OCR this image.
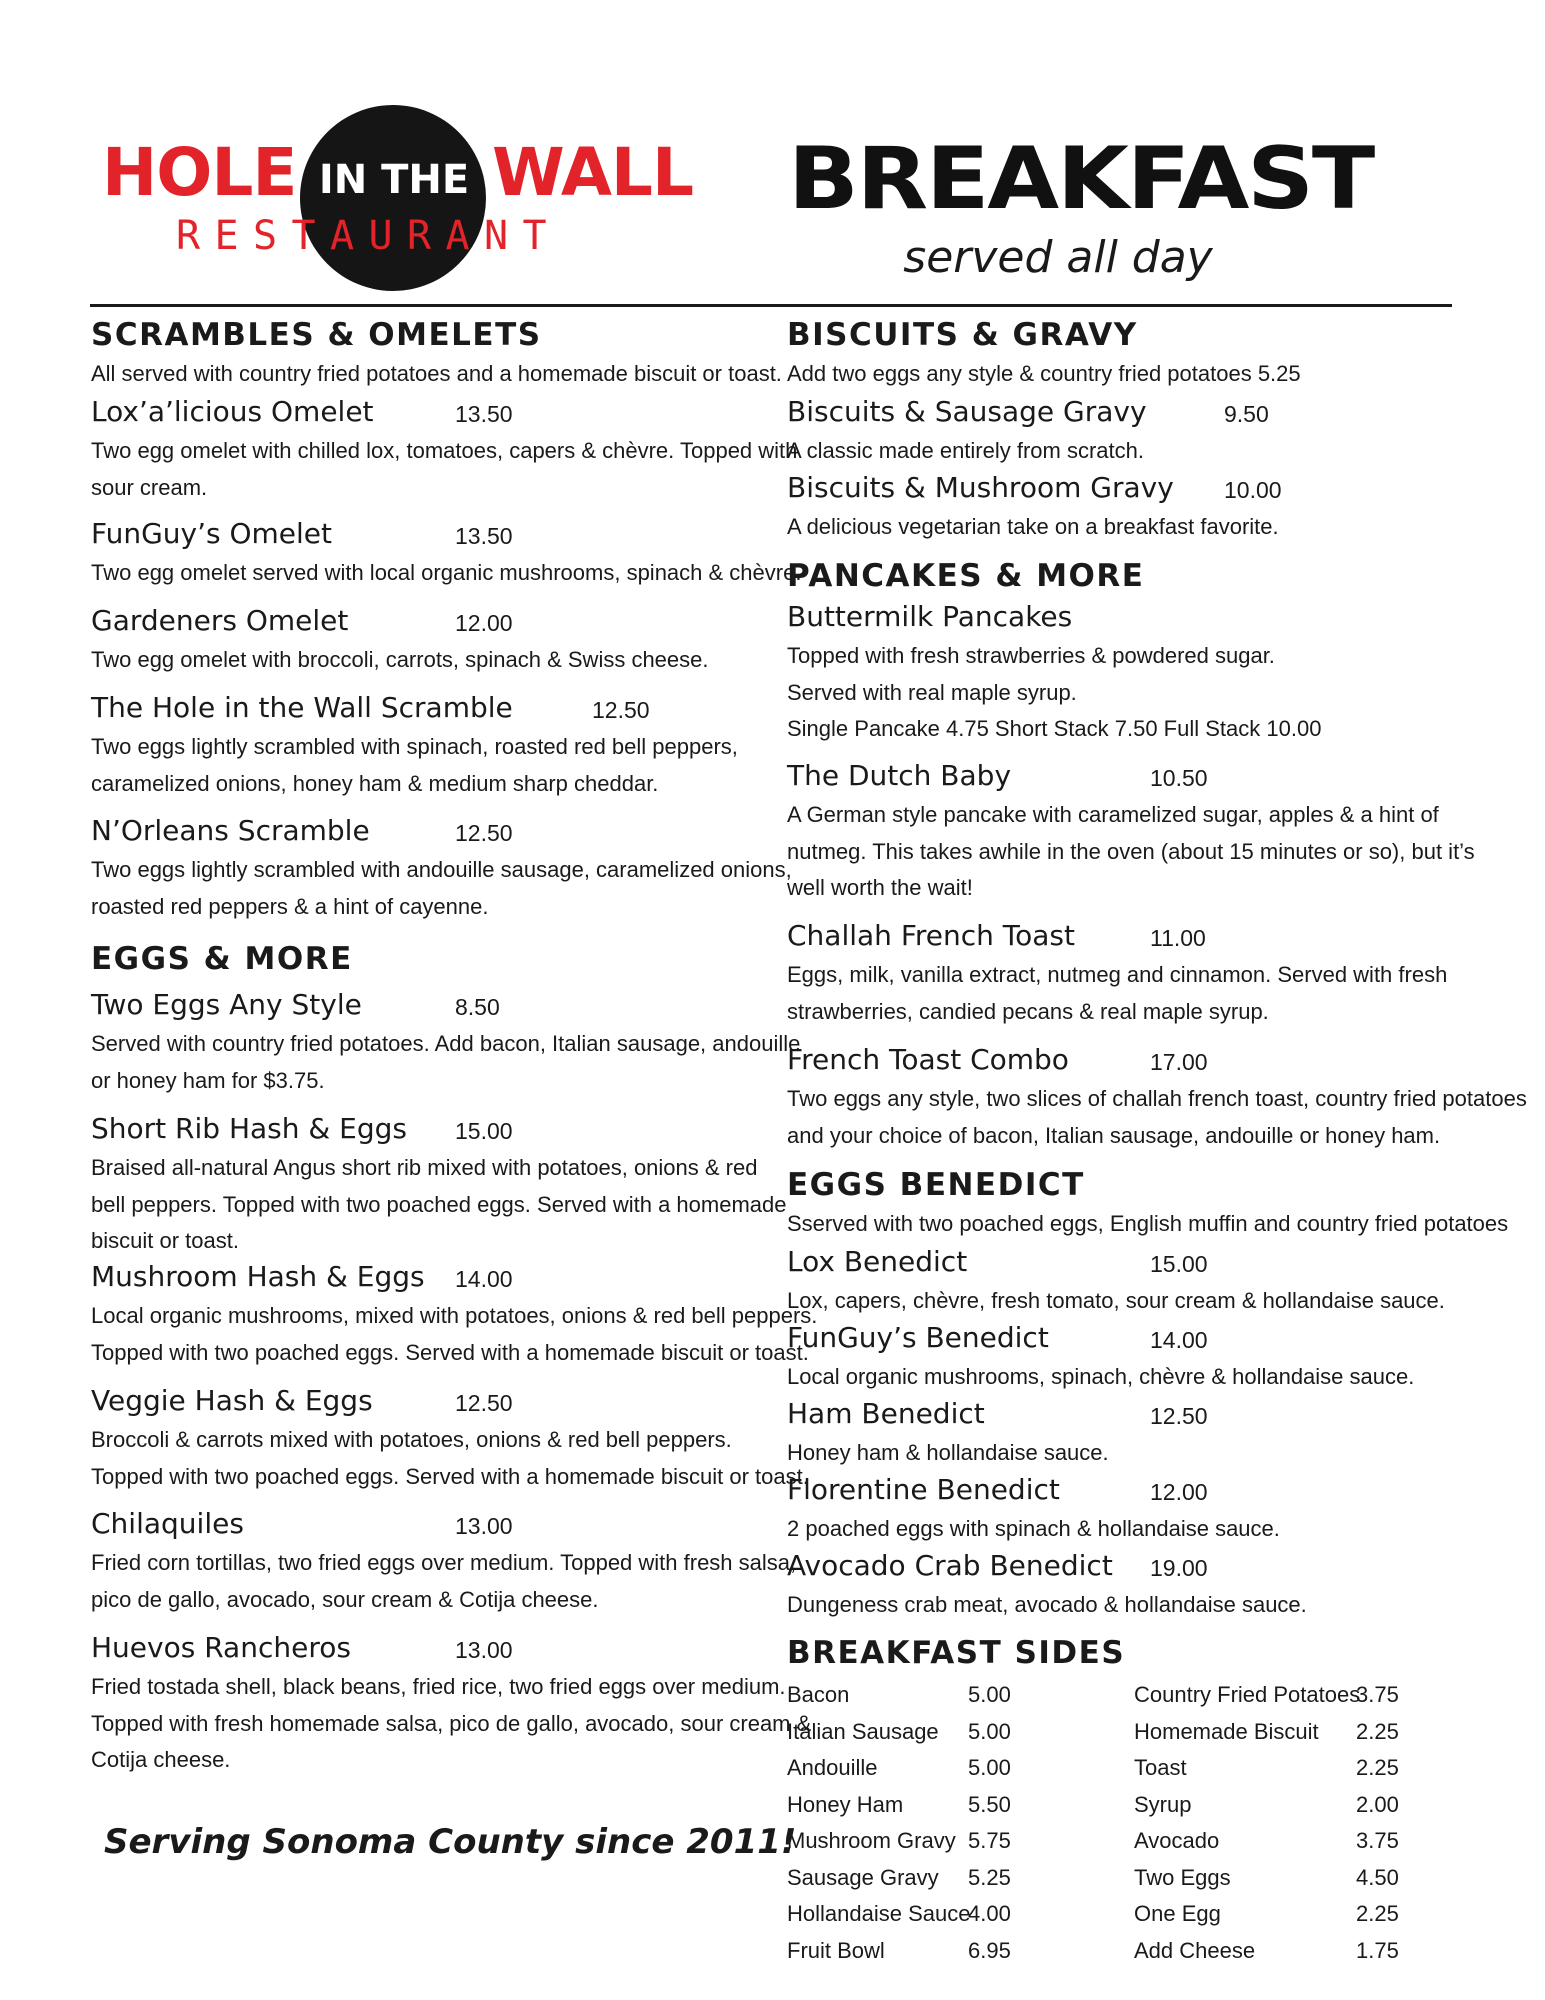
HOLE IN THE WALL
R E S T A U R A N T
BREAKFAST
served all day
SCRAMBLES & OMELETS
All served with country fried potatoes and a homemade biscuit or toast.
Lox’a’licious Omelet	13.50
Two egg omelet with chilled lox, tomatoes, capers & chèvre. Topped with
sour cream.
FunGuy’s Omelet	13.50
Two egg omelet served with local organic mushrooms, spinach & chèvre.
Gardeners Omelet	12.00
Two egg omelet with broccoli, carrots, spinach & Swiss cheese.
The Hole in the Wall Scramble	12.50
Two eggs lightly scrambled with spinach, roasted red bell peppers,
caramelized onions, honey ham & medium sharp cheddar.
N’Orleans Scramble	12.50
Two eggs lightly scrambled with andouille sausage, caramelized onions,
roasted red peppers & a hint of cayenne.
EGGS & MORE
Two Eggs Any Style	8.50
Served with country fried potatoes. Add bacon, Italian sausage, andouille
or honey ham for $3.75.
Short Rib Hash & Eggs 15.00
Braised all-natural Angus short rib mixed with potatoes, onions & red
bell peppers. Topped with two poached eggs. Served with a homemade
biscuit or toast.
Mushroom Hash & Eggs 14.00
Local organic mushrooms, mixed with potatoes, onions & red bell peppers.
Topped with two poached eggs. Served with a homemade biscuit or toast.
Veggie Hash & Eggs	12.50
Broccoli & carrots mixed with potatoes, onions & red bell peppers.
Topped with two poached eggs. Served with a homemade biscuit or toast.
Chilaquiles	13.00
Fried corn tortillas, two fried eggs over medium. Topped with fresh salsa,
pico de gallo, avocado, sour cream & Cotija cheese.
Huevos Rancheros	13.00
Fried tostada shell, black beans, fried rice, two fried eggs over medium.
Topped with fresh homemade salsa, pico de gallo, avocado, sour cream &
Cotija cheese.
BISCUITS & GRAVY
Add two eggs any style & country fried potatoes 5.25
Biscuits & Sausage Gravy	9.50
A classic made entirely from scratch.
Biscuits & Mushroom Gravy 10.00
A delicious vegetarian take on a breakfast favorite.
PANCAKES & MORE
Buttermilk Pancakes
Topped with fresh strawberries & powdered sugar.
Served with real maple syrup.
Single Pancake 4.75 Short Stack 7.50 Full Stack 10.00
The Dutch Baby	10.50
A German style pancake with caramelized sugar, apples & a hint of
nutmeg. This takes awhile in the oven (about 15 minutes or so), but it’s
well worth the wait!
Challah French Toast	11.00
Eggs, milk, vanilla extract, nutmeg and cinnamon. Served with fresh
strawberries, candied pecans & real maple syrup.
French Toast Combo	17.00
Two eggs any style, two slices of challah french toast, country fried potatoes
and your choice of bacon, Italian sausage, andouille or honey ham.
EGGS BENEDICT
Sserved with two poached eggs, English muffin and country fried potatoes
Lox Benedict	15.00
Lox, capers, chèvre, fresh tomato, sour cream & hollandaise sauce.
FunGuy’s Benedict	14.00
Local organic mushrooms, spinach, chèvre & hollandaise sauce.
Ham Benedict	12.50
Honey ham & hollandaise sauce.
Florentine Benedict	12.00
2 poached eggs with spinach & hollandaise sauce.
Avocado Crab Benedict 19.00
Dungeness crab meat, avocado & hollandaise sauce.
BREAKFAST SIDES
Bacon	5.00
Italian Sausage 5.00
Andouille	5.00
Honey Ham	5.50
Mushroom Gravy 5.75
Sausage Gravy 5.25
Hollandaise Sauce
4.00
Fruit Bowl	6.95
Country Fried Potatoes
3.75
Homemade Biscuit 2.25
Toast	2.25
Syrup	2.00
Avocado	3.75
Two Eggs	4.50
One Egg	2.25
Add Cheese	1.75
Serving Sonoma County since 2011!
